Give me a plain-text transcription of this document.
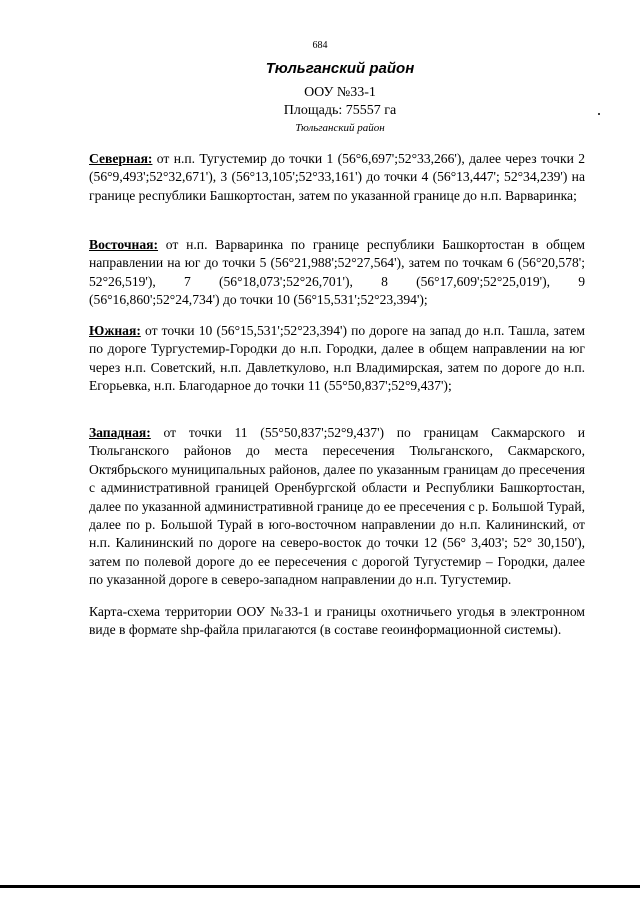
684
Тюльганский район
ООУ №33-1
Площадь: 75557 га
Тюльганский район

Северная: от н.п. Тугустемир до точки 1 (56°6,697';52°33,266'), далее через точки 2 (56°9,493';52°32,671'), 3 (56°13,105';52°33,161') до точки 4 (56°13,447'; 52°34,239') на границе республики Башкортостан, затем по указанной границе до н.п. Варваринка;

Восточная: от н.п. Варваринка по границе республики Башкортостан в общем направлении на юг до точки 5 (56°21,988';52°27,564'), затем по точкам 6 (56°20,578'; 52°26,519'), 7 (56°18,073';52°26,701'), 8 (56°17,609';52°25,019'), 9 (56°16,860';52°24,734') до точки 10 (56°15,531';52°23,394');

Южная: от точки 10 (56°15,531';52°23,394') по дороге на запад до н.п. Ташла, затем по дороге Тургустемир-Городки до н.п. Городки, далее в общем направлении на юг через н.п. Советский, н.п. Давлеткулово, н.п Владимирская, затем по дороге до н.п. Егорьевка, н.п. Благодарное до точки 11 (55°50,837';52°9,437');

Западная: от точки 11 (55°50,837';52°9,437') по границам Сакмарского и Тюльганского районов до места пересечения Тюльганского, Сакмарского, Октябрьского муниципальных районов, далее по указанным границам до пресечения с административной границей Оренбургской области и Республики Башкортостан, далее по указанной административной границе до ее пресечения с р. Большой Турай, далее по р. Большой Турай в юго-восточном направлении до н.п. Калининский, от н.п. Калининский по дороге на северо-восток до точки 12 (56° 3,403'; 52° 30,150'), затем по полевой дороге до ее пересечения с дорогой Тугустемир – Городки, далее по указанной дороге в северо-западном направлении до н.п. Тугустемир.

Карта-схема территории ООУ №33-1 и границы охотничьего угодья в электронном виде в формате shp-файла прилагаются (в составе геоинформационной системы).
